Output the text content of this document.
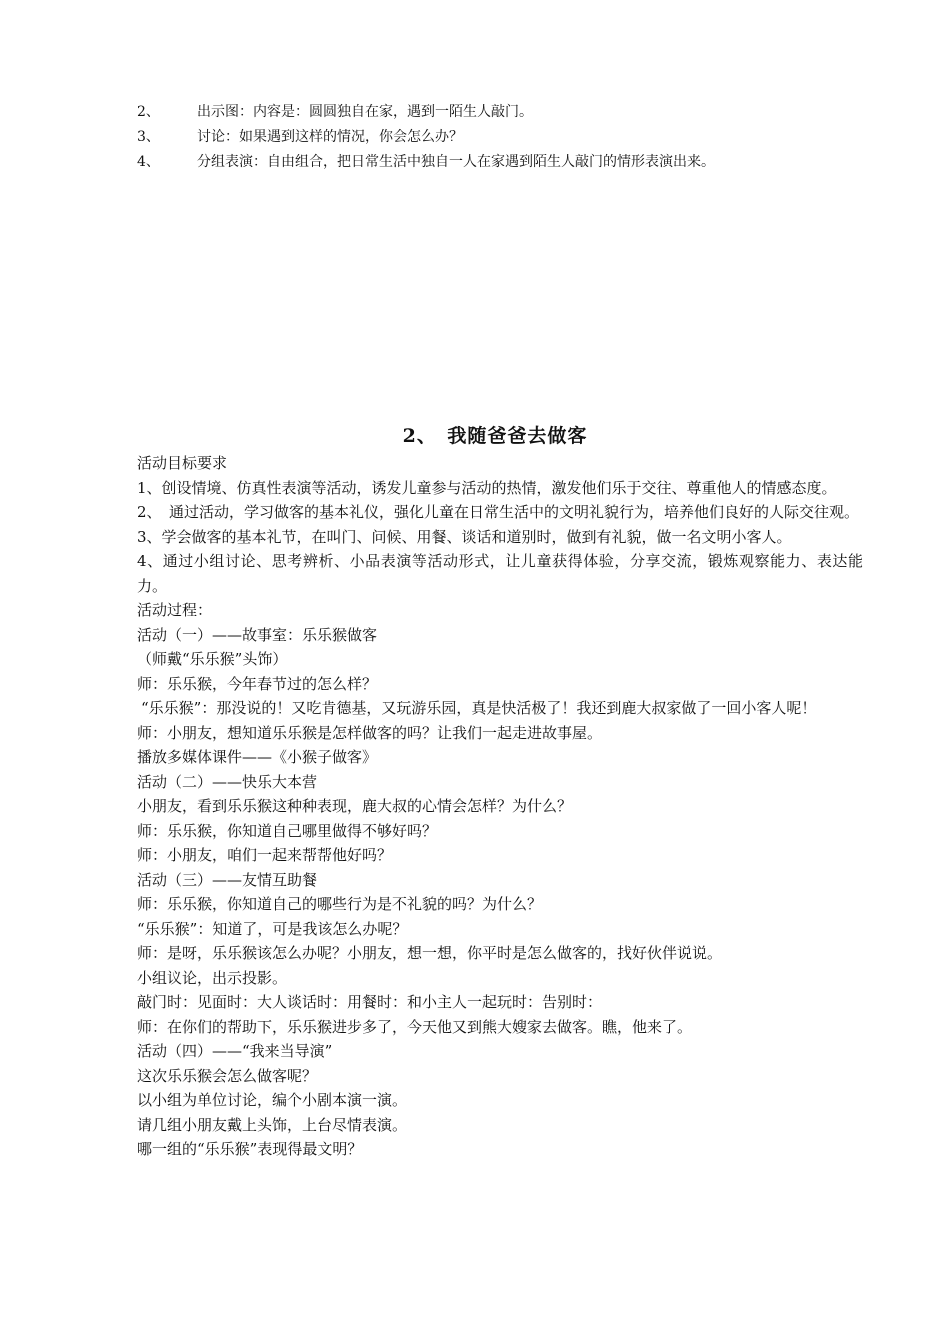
2、	出示图：内容是：圆圆独自在家，遇到一陌生人敲门。
3、	讨论：如果遇到这样的情况，你会怎么办？
4、	分组表演：自由组合，把日常生活中独自一人在家遇到陌生人敲门的情形表演出来。
2、　我随爸爸去做客
活动目标要求
1、创设情境、仿真性表演等活动，诱发儿童参与活动的热情，激发他们乐于交往、尊重他人的情感态度。
2、　通过活动，学习做客的基本礼仪，强化儿童在日常生活中的文明礼貌行为，培养他们良好的人际交往观。
3、学会做客的基本礼节，在叫门、问候、用餐、谈话和道别时，做到有礼貌，做一名文明小客人。
4、通过小组讨论、思考辨析、小品表演等活动形式，让儿童获得体验，分享交流，锻炼观察能力、表达能力。
活动过程：
活动（一）——故事室：乐乐猴做客
（师戴“乐乐猴”头饰）
师：乐乐猴，今年春节过的怎么样？
“乐乐猴”：那没说的！又吃肯德基，又玩游乐园，真是快活极了！我还到鹿大叔家做了一回小客人呢！
师：小朋友，想知道乐乐猴是怎样做客的吗？让我们一起走进故事屋。
播放多媒体课件——《小猴子做客》
活动（二）——快乐大本营
小朋友，看到乐乐猴这种种表现，鹿大叔的心情会怎样？为什么？
师：乐乐猴，你知道自己哪里做得不够好吗？
师：小朋友，咱们一起来帮帮他好吗？
活动（三）——友情互助餐
师：乐乐猴，你知道自己的哪些行为是不礼貌的吗？为什么？
“乐乐猴”：知道了，可是我该怎么办呢？
师：是呀，乐乐猴该怎么办呢？小朋友，想一想，你平时是怎么做客的，找好伙伴说说。
小组议论，出示投影。
敲门时：见面时：大人谈话时：用餐时：和小主人一起玩时：告别时：
师：在你们的帮助下，乐乐猴进步多了，今天他又到熊大嫂家去做客。瞧，他来了。
活动（四）——“我来当导演”
这次乐乐猴会怎么做客呢？
以小组为单位讨论，编个小剧本演一演。
请几组小朋友戴上头饰，上台尽情表演。
哪一组的“乐乐猴”表现得最文明？
